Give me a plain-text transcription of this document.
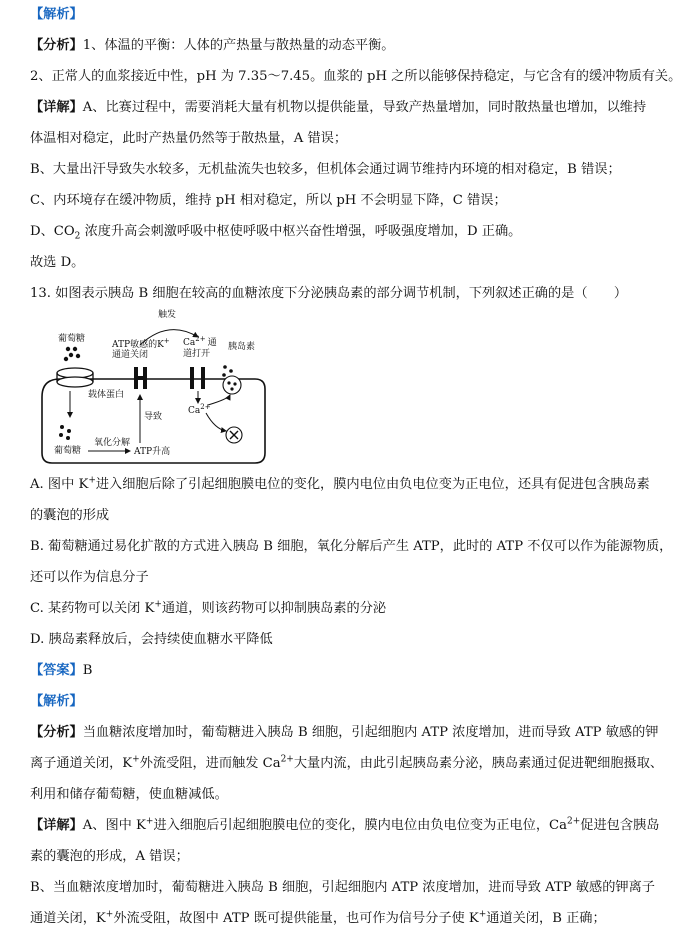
【解析】
【分析】1、体温的平衡：人体的产热量与散热量的动态平衡。
2、正常人的血浆接近中性，pH 为 7.35～7.45。血浆的 pH 之所以能够保持稳定，与它含有的缓冲物质有关。
【详解】A、比赛过程中，需要消耗大量有机物以提供能量，导致产热量增加，同时散热量也增加，以维持
体温相对稳定，此时产热量仍然等于散热量，A 错误；
B、大量出汗导致失水较多，无机盐流失也较多，但机体会通过调节维持内环境的相对稳定，B 错误；
C、内环境存在缓冲物质，维持 pH 相对稳定，所以 pH 不会明显下降，C 错误；
D、$CO_2$ 浓度升高会刺激呼吸中枢使呼吸中枢兴奋性增强，呼吸强度增加，D 正确。
故选 D。
13. 如图表示胰岛 B 细胞在较高的血糖浓度下分泌胰岛素的部分调节机制，下列叙述正确的是（　　）
葡萄糖
载体蛋白
ATP敏感的K+
通道关闭
$Ca^{2+}$ 通
道打开
触发
胰岛素
$Ca^{2+}$
葡萄糖
氧化分解
ATP升高
导致
A. 图中 K+进入细胞后除了引起细胞膜电位的变化，膜内电位由负电位变为正电位，还具有促进包含胰岛素
的囊泡的形成
B. 葡萄糖通过易化扩散的方式进入胰岛 B 细胞，氧化分解后产生 ATP，此时的 ATP 不仅可以作为能源物质，
还可以作为信息分子
C. 某药物可以关闭 K+通道，则该药物可以抑制胰岛素的分泌
D. 胰岛素释放后，会持续使血糖水平降低
【答案】B
【解析】
【分析】当血糖浓度增加时，葡萄糖进入胰岛 B 细胞，引起细胞内 ATP 浓度增加，进而导致 ATP 敏感的钾
离子通道关闭，K+外流受阻，进而触发 $Ca^{2+}$大量内流，由此引起胰岛素分泌，胰岛素通过促进靶细胞摄取、
利用和储存葡萄糖，使血糖减低。
【详解】A、图中 K+进入细胞后引起细胞膜电位的变化，膜内电位由负电位变为正电位，$Ca^{2+}$促进包含胰岛
素的囊泡的形成，A 错误；
B、当血糖浓度增加时，葡萄糖进入胰岛 B 细胞，引起细胞内 ATP 浓度增加，进而导致 ATP 敏感的钾离子
通道关闭，K+外流受阻，故图中 ATP 既可提供能量，也可作为信号分子使 K+通道关闭，B 正确；
